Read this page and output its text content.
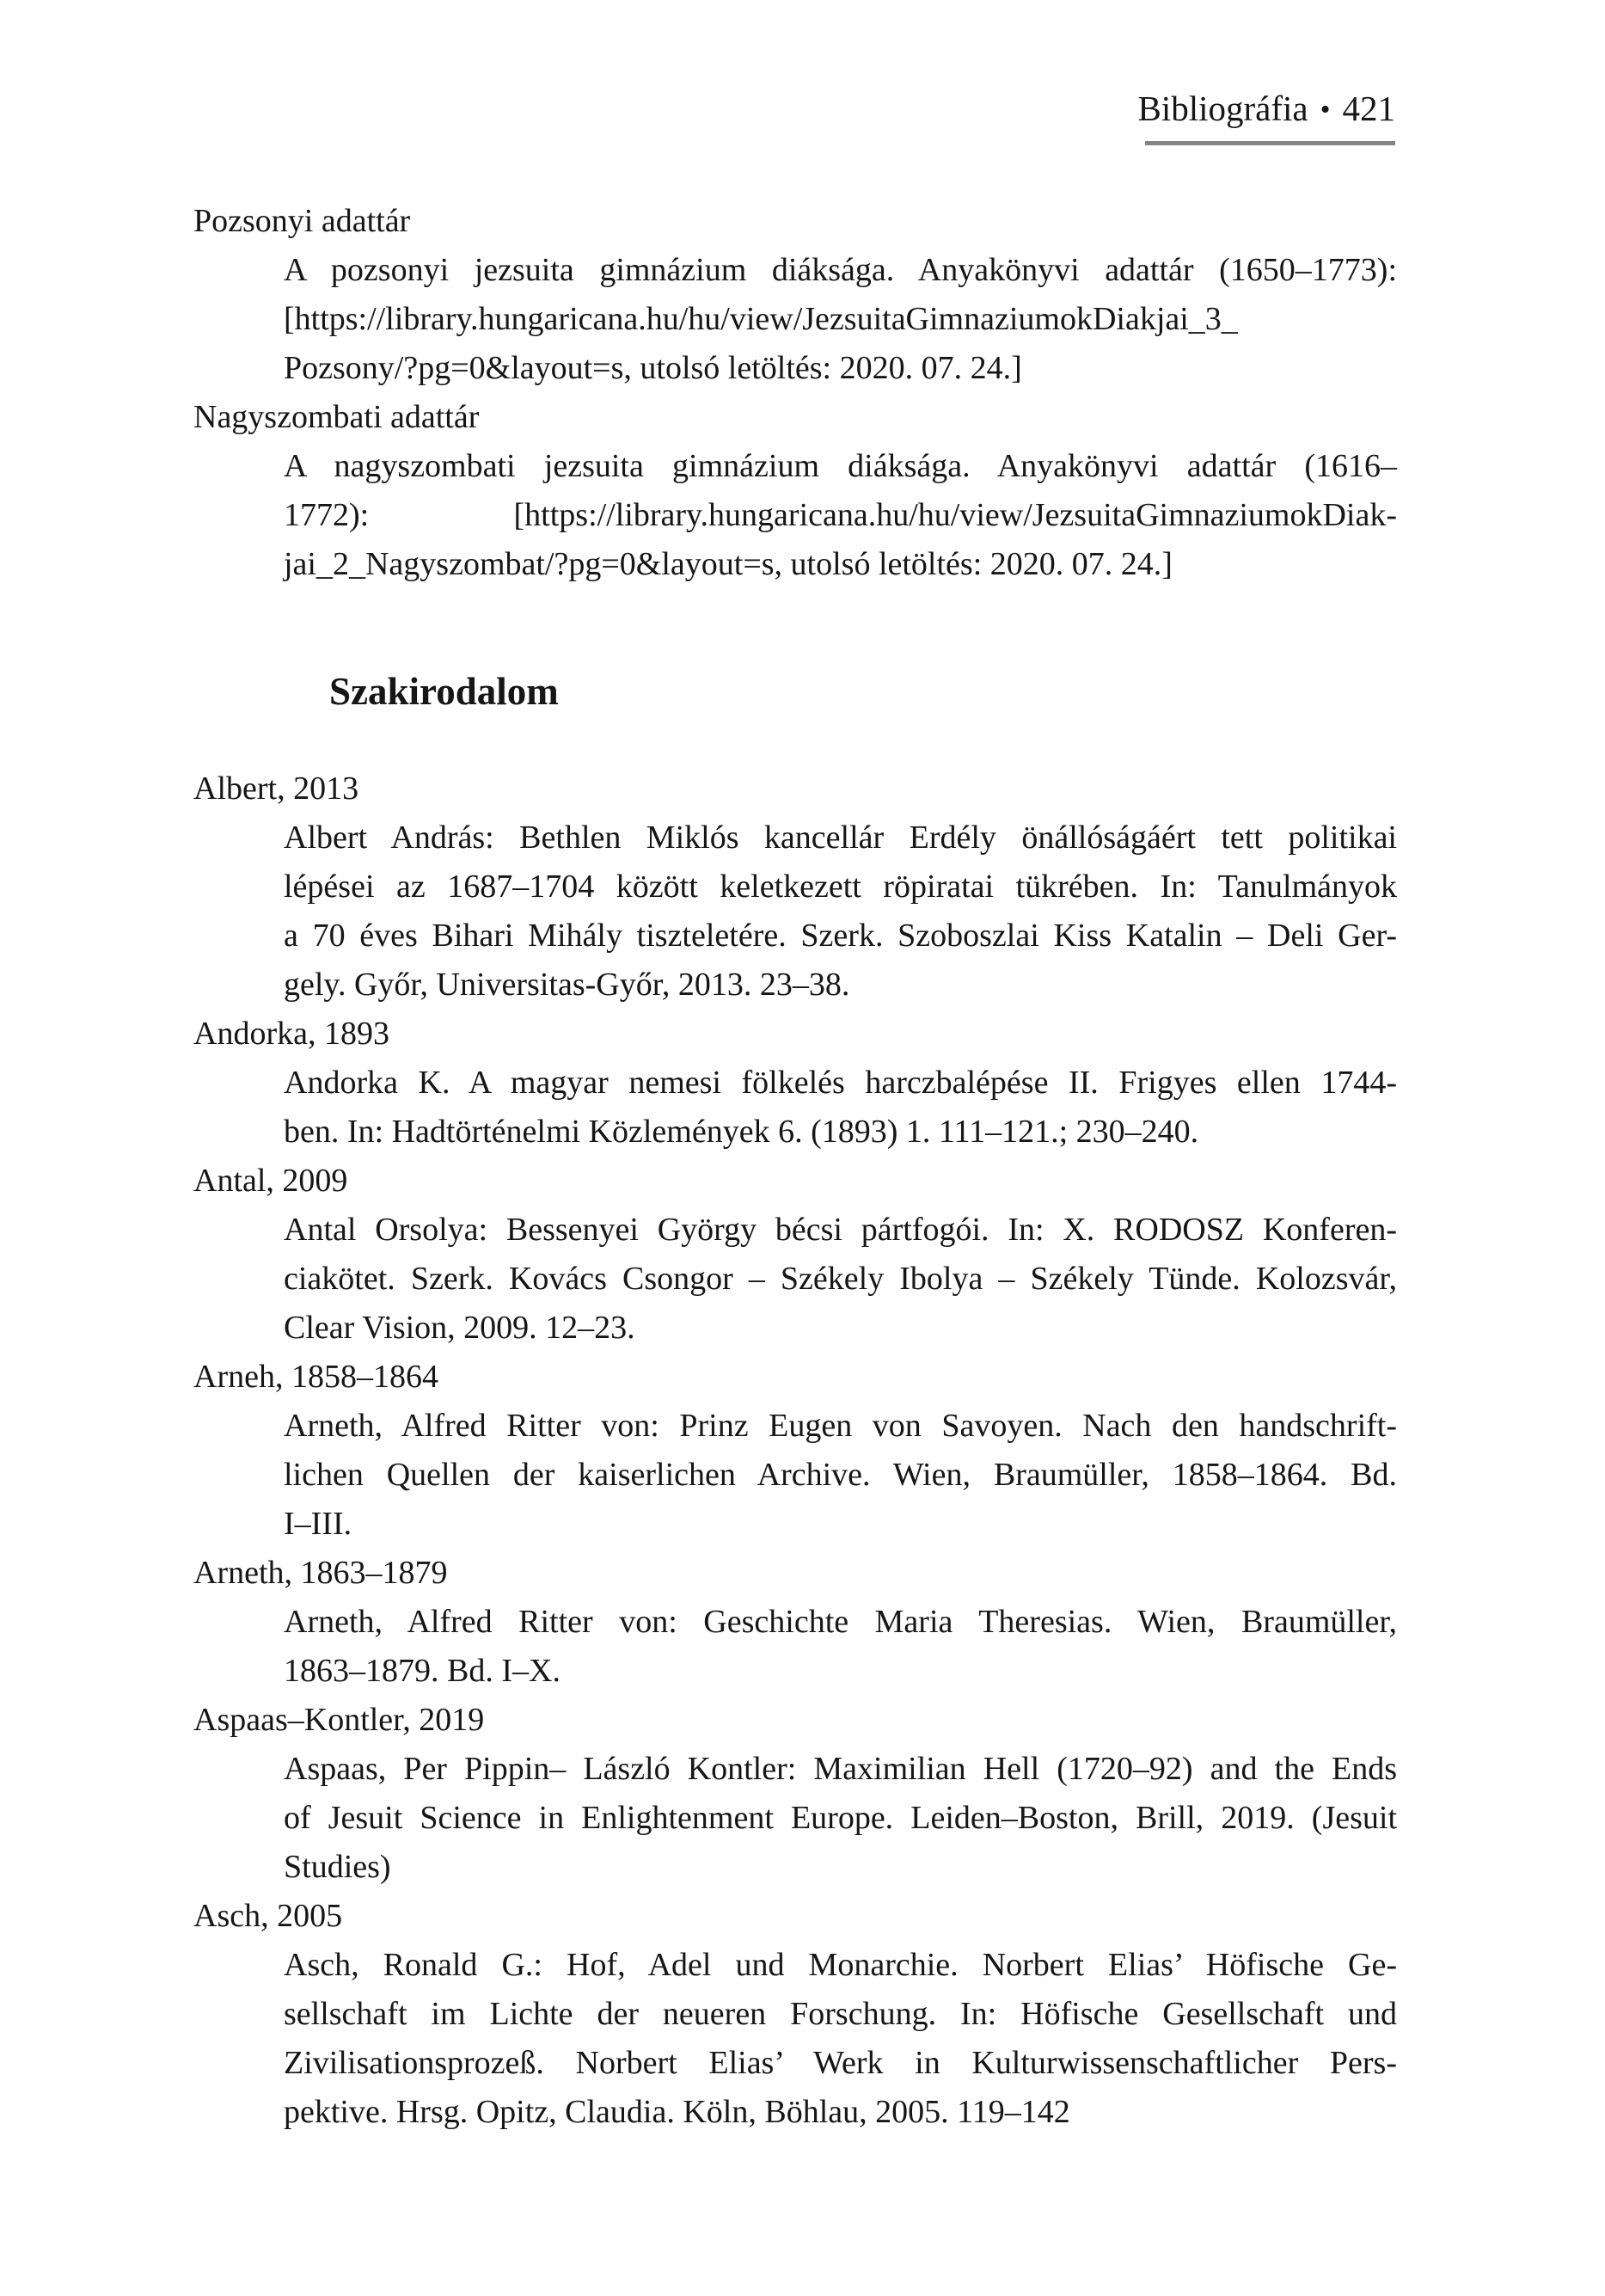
Bibliográfia • 421
Pozsonyi adattár
A pozsonyi jezsuita gimnázium diáksága. Anyakönyvi adattár (1650–1773):
[https://library.hungaricana.hu/hu/view/JezsuitaGimnaziumokDiakjai_3_
Pozsony/?pg=0&layout=s, utolsó letöltés: 2020. 07. 24.]
Nagyszombati adattár
A nagyszombati jezsuita gimnázium diáksága. Anyakönyvi adattár (1616–
1772): [https://library.hungaricana.hu/hu/view/JezsuitaGimnaziumokDiak-
jai_2_Nagyszombat/?pg=0&layout=s, utolsó letöltés: 2020. 07. 24.]
Szakirodalom
Albert, 2013
Albert András: Bethlen Miklós kancellár Erdély önállóságáért tett politikai
lépései az 1687–1704 között keletkezett röpiratai tükrében. In: Tanulmányok
a 70 éves Bihari Mihály tiszteletére. Szerk. Szoboszlai Kiss Katalin – Deli Ger-
gely. Győr, Universitas-Győr, 2013. 23–38.
Andorka, 1893
Andorka K. A magyar nemesi fölkelés harczbalépése II. Frigyes ellen 1744-
ben. In: Hadtörténelmi Közlemények 6. (1893) 1. 111–121.; 230–240.
Antal, 2009
Antal Orsolya: Bessenyei György bécsi pártfogói. In: X. RODOSZ Konferen-
ciakötet. Szerk. Kovács Csongor – Székely Ibolya – Székely Tünde. Kolozsvár,
Clear Vision, 2009. 12–23.
Arneh, 1858–1864
Arneth, Alfred Ritter von: Prinz Eugen von Savoyen. Nach den handschrift-
lichen Quellen der kaiserlichen Archive. Wien, Braumüller, 1858–1864. Bd.
I–III.
Arneth, 1863–1879
Arneth, Alfred Ritter von: Geschichte Maria Theresias. Wien, Braumüller,
1863–1879. Bd. I–X.
Aspaas–Kontler, 2019
Aspaas, Per Pippin– László Kontler: Maximilian Hell (1720–92) and the Ends
of Jesuit Science in Enlightenment Europe. Leiden–Boston, Brill, 2019. (Jesuit
Studies)
Asch, 2005
Asch, Ronald G.: Hof, Adel und Monarchie. Norbert Elias’ Höfische Ge-
sellschaft im Lichte der neueren Forschung. In: Höfische Gesellschaft und
Zivilisationsprozeß. Norbert Elias’ Werk in Kulturwissenschaftlicher Pers-
pektive. Hrsg. Opitz, Claudia. Köln, Böhlau, 2005. 119–142
